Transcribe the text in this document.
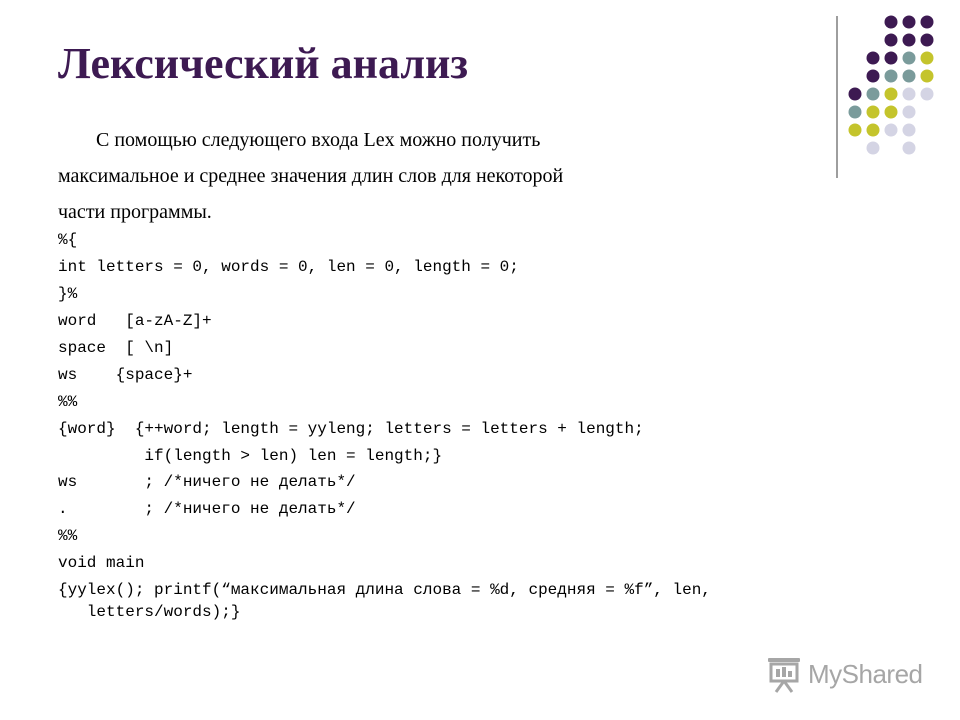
Лексический анализ
С помощью следующего входа Lex можно получить
максимальное и среднее значения длин слов для некоторой
части программы.
%{
int letters = 0, words = 0, len = 0, length = 0;
}%
word   [a-zA-Z]+
space  [ \n]
ws    {space}+
%%
{word}  {++word; length = yyleng; letters = letters + length;
if(length > len) len = length;}
ws       ; /*ничего не делать*/
.        ; /*ничего не делать*/
%%
void main
{yylex(); printf(“максимальная длина слова = %d, средняя = %f”, len,
letters/words);}
MyShared
